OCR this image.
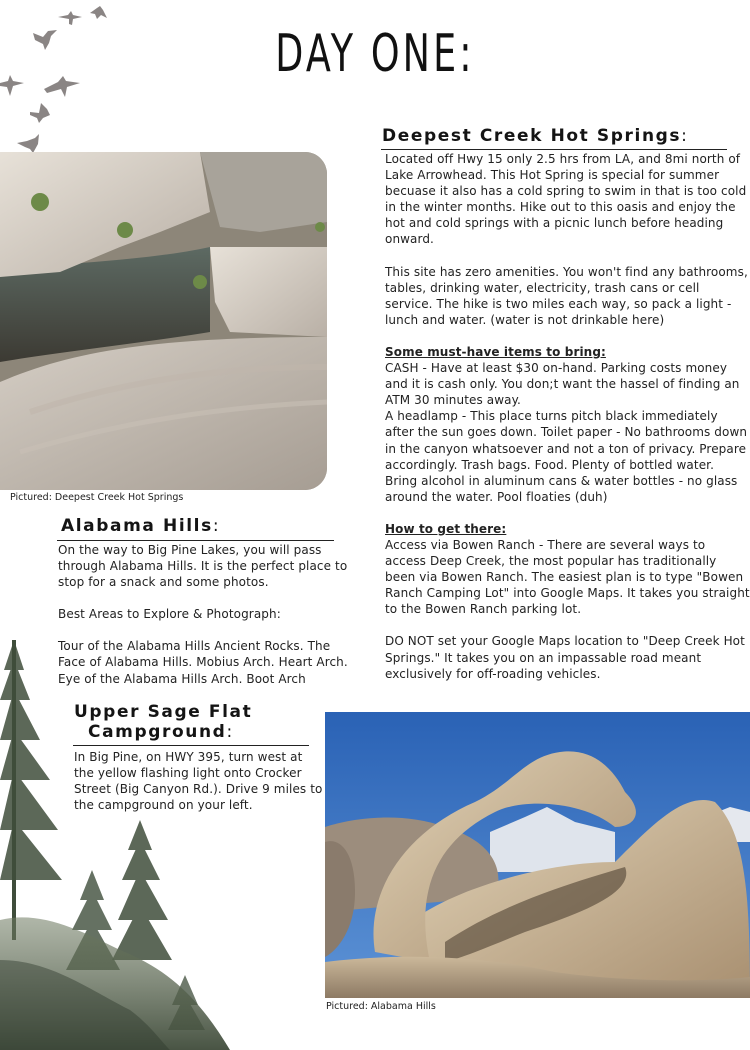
DAY ONE:
Pictured: Deepest Creek Hot Springs
Deepest Creek Hot Springs:

Located off Hwy 15 only 2.5 hrs from LA, and 8mi north of Lake Arrowhead. This Hot Spring is special for summer becuase it also has a cold spring to swim in that is too cold in the winter months. Hike out to this oasis and enjoy the hot and cold springs with a picnic lunch before heading onward.

This site has zero amenities. You won't find any bathrooms, tables, drinking water, electricity, trash cans or cell service. The hike is two miles each way, so pack a light - lunch and water. (water is not drinkable here)

Some must-have items to bring:

CASH - Have at least $30 on-hand. Parking costs money and it is cash only. You don;t want the hassel of finding an ATM 30 minutes away.

A headlamp - This place turns pitch black immediately after the sun goes down. Toilet paper - No bathrooms down in the canyon whatsoever and not a ton of privacy. Prepare accordingly. Trash bags. Food. Plenty of bottled water. Bring alcohol in aluminum cans & water bottles - no glass around the water. Pool floaties (duh)

How to get there:

Access via Bowen Ranch - There are several ways to access Deep Creek, the most popular has traditionally been via Bowen Ranch. The easiest plan is to type "Bowen Ranch Camping Lot" into Google Maps. It takes you straight to the Bowen Ranch parking lot.

DO NOT set your Google Maps location to "Deep Creek Hot Springs." It takes you on an impassable road meant exclusively for off-roading vehicles.

Alabama Hills:

On the way to Big Pine Lakes, you will pass through Alabama Hills. It is the perfect place to stop for a snack and some photos.

Best Areas to Explore & Photograph:

Tour of the Alabama Hills Ancient Rocks. The Face of Alabama Hills. Mobius Arch. Heart Arch. Eye of the Alabama Hills Arch. Boot Arch

Upper Sage Flat
Campground:

In Big Pine, on HWY 395, turn west at the yellow flashing light onto Crocker Street (Big Canyon Rd.). Drive 9 miles to the campground on your left.

Pictured: Alabama Hills
